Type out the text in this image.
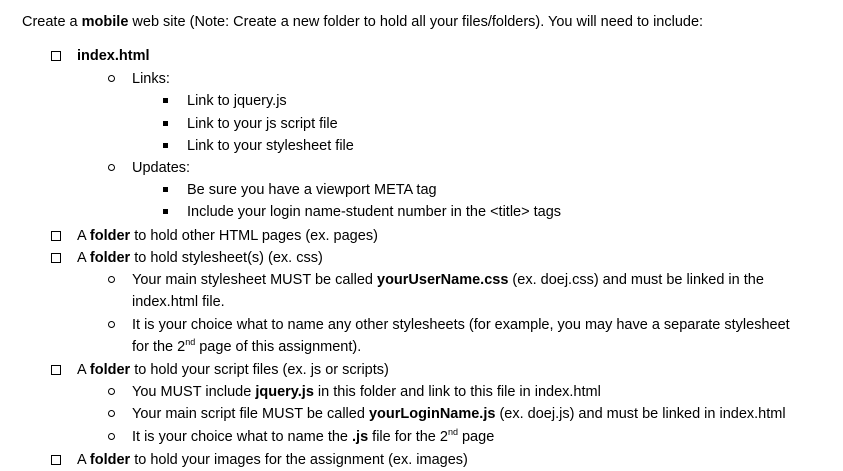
Create a mobile web site (Note: Create a new folder to hold all your files/folders). You will need to include:
index.html
Links:
Link to jquery.js
Link to your js script file
Link to your stylesheet file
Updates:
Be sure you have a viewport META tag
Include your login name-student number in the <title> tags
A folder to hold other HTML pages (ex. pages)
A folder to hold stylesheet(s) (ex. css)
Your main stylesheet MUST be called yourUserName.css (ex. doej.css) and must be linked in the
index.html file.
It is your choice what to name any other stylesheets (for example, you may have a separate stylesheet
for the 2nd page of this assignment).
A folder to hold your script files (ex. js or scripts)
You MUST include jquery.js in this folder and link to this file in index.html
Your main script file MUST be called yourLoginName.js (ex. doej.js) and must be linked in index.html
It is your choice what to name the .js file for the 2nd page
A folder to hold your images for the assignment (ex. images)
